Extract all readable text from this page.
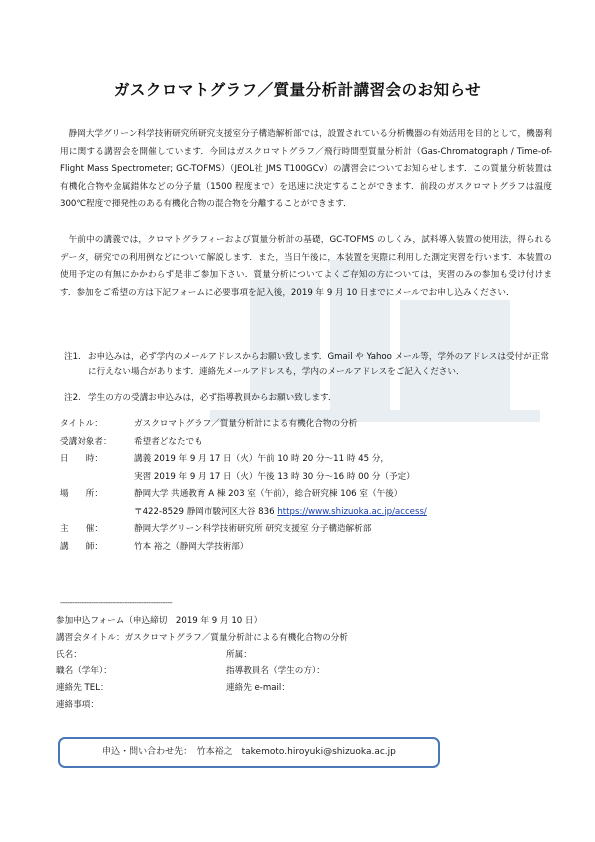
ガスクロマトグラフ／質量分析計講習会のお知らせ

静岡大学グリーン科学技術研究所研究支援室分子構造解析部では，設置されている分析機器の有効活用を目的として，機器利用に関する講習会を開催しています．今回はガスクロマトグラフ／飛行時間型質量分析計（Gas-Chromatograph / Time-of-Flight Mass Spectrometer; GC-TOFMS）（JEOL社 JMS T100GCv）の講習会についてお知らせします．この質量分析装置は有機化合物や金属錯体などの分子量（1500 程度まで）を迅速に決定することができます．前段のガスクロマトグラフは温度300℃程度で揮発性のある有機化合物の混合物を分離することができます．

午前中の講義では，クロマトグラフィーおよび質量分析計の基礎，GC-TOFMS のしくみ，試料導入装置の使用法，得られるデータ，研究での利用例などについて解説します．また，当日午後に，本装置を実際に利用した測定実習を行います．本装置の使用予定の有無にかかわらず是非ご参加下さい．質量分析についてよくご存知の方については，実習のみの参加も受け付けます．参加をご希望の方は下記フォームに必要事項を記入後，2019 年 9 月 10 日までにメールでお申し込みください．

注1. お申込みは，必ず学内のメールアドレスからお願い致します．Gmail や Yahoo メール等，学外のアドレスは受付が正常に行えない場合があります．連絡先メールアドレスも，学内のメールアドレスをご記入ください．
注2. 学生の方の受講お申込みは，必ず指導教員からお願い致します．
タイトル：	ガスクロマトグラフ／質量分析計による有機化合物の分析
受講対象者：	希望者どなたでも
日　　時：	講義 2019 年 9 月 17 日（火）午前 10 時 20 分～11 時 45 分，
実習 2019 年 9 月 17 日（火）午後 13 時 30 分～16 時 00 分（予定）
場　　所：	静岡大学 共通教育 A 棟 203 室（午前），総合研究棟 106 室（午後）
〒422-8529 静岡市駿河区大谷 836 https://www.shizuoka.ac.jp/access/
主　　催：	静岡大学グリーン科学技術研究所 研究支援室 分子構造解析部
講　　師：	竹本 裕之（静岡大学技術部）
-----------------------------------------------
参加申込フォーム（申込締切　2019 年 9 月 10 日）
講習会タイトル：ガスクロマトグラフ／質量分析計による有機化合物の分析
氏名：	所属：
職名（学年）：	指導教員名（学生の方）：
連絡先 TEL：	連絡先 e-mail：
連絡事項：
申込・問い合わせ先：　竹本裕之　takemoto.hiroyuki@shizuoka.ac.jp
